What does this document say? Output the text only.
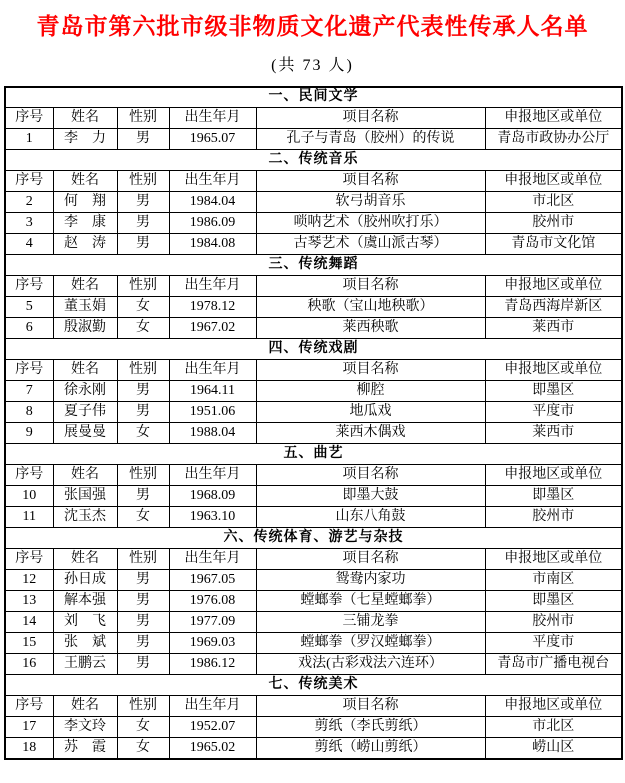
青岛市第六批市级非物质文化遗产代表性传承人名单
(共 73 人)
一、民间文学					
序号	姓名	性别	出生年月	项目名称	申报地区或单位
1	李　力	男	1965.07	孔子与青岛（胶州）的传说	青岛市政协办公厅
二、传统音乐					
序号	姓名	性别	出生年月	项目名称	申报地区或单位
2	何　翔	男	1984.04	软弓胡音乐	市北区
3	李　康	男	1986.09	唢呐艺术（胶州吹打乐）	胶州市
4	赵　涛	男	1984.08	古琴艺术（虞山派古琴）	青岛市文化馆
三、传统舞蹈					
序号	姓名	性别	出生年月	项目名称	申报地区或单位
5	董玉娟	女	1978.12	秧歌（宝山地秧歌）	青岛西海岸新区
6	殷淑勤	女	1967.02	莱西秧歌	莱西市
四、传统戏剧					
序号	姓名	性别	出生年月	项目名称	申报地区或单位
7	徐永刚	男	1964.11	柳腔	即墨区
8	夏子伟	男	1951.06	地瓜戏	平度市
9	展曼曼	女	1988.04	莱西木偶戏	莱西市
五、曲艺					
序号	姓名	性别	出生年月	项目名称	申报地区或单位
10	张国强	男	1968.09	即墨大鼓	即墨区
11	沈玉杰	女	1963.10	山东八角鼓	胶州市
六、传统体育、游艺与杂技					
序号	姓名	性别	出生年月	项目名称	申报地区或单位
12	孙日成	男	1967.05	鸳鸯内家功	市南区
13	解本强	男	1976.08	螳螂拳（七星螳螂拳）	即墨区
14	刘　飞	男	1977.09	三铺龙拳	胶州市
15	张　斌	男	1969.03	螳螂拳（罗汉螳螂拳）	平度市
16	王鹏云	男	1986.12	戏法(古彩戏法六连环）	青岛市广播电视台
七、传统美术					
序号	姓名	性别	出生年月	项目名称	申报地区或单位
17	李文玲	女	1952.07	剪纸（李氏剪纸）	市北区
18	苏　霞	女	1965.02	剪纸（崂山剪纸）	崂山区
